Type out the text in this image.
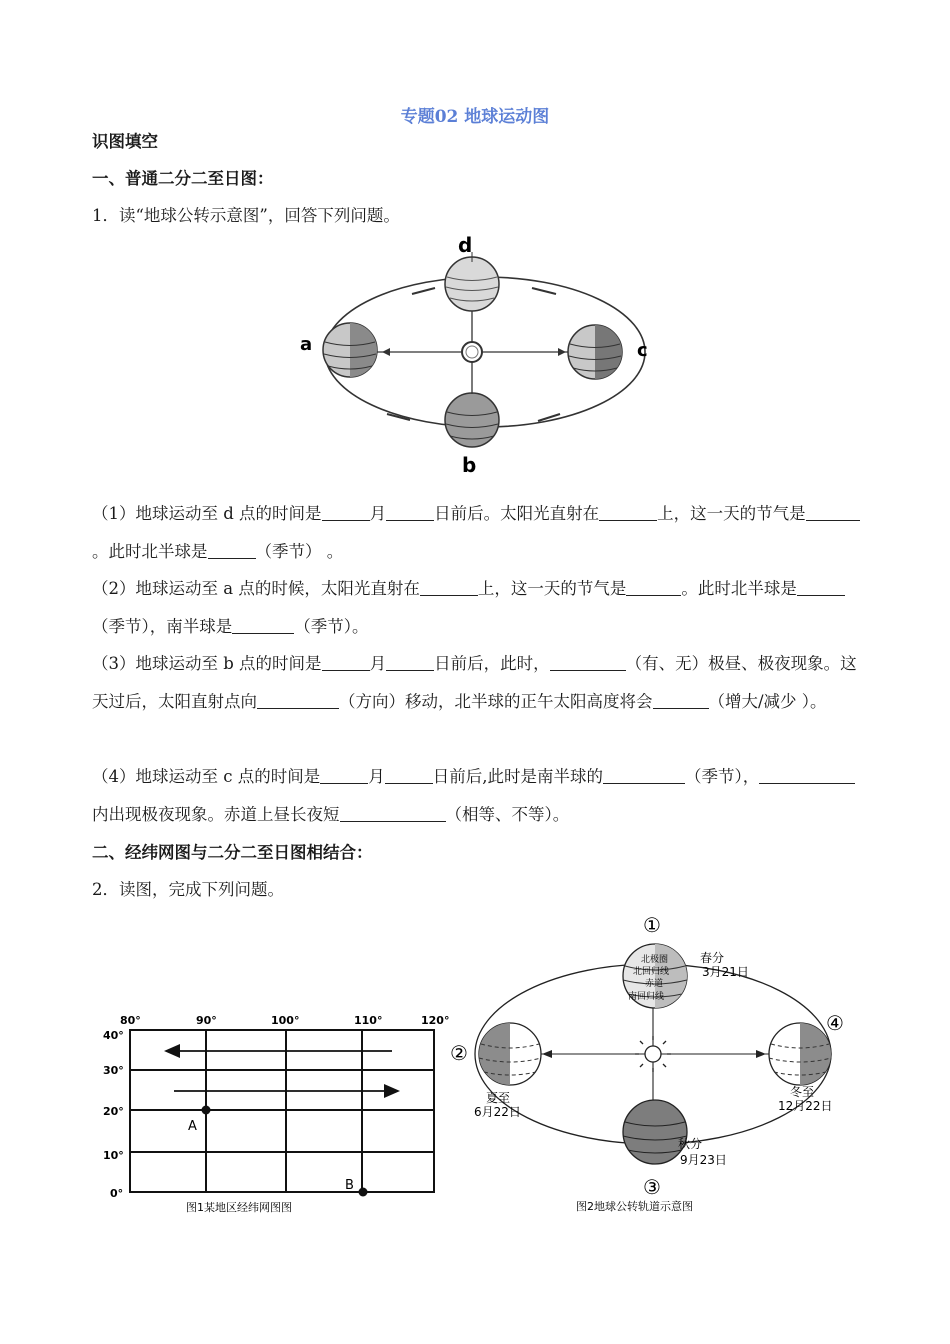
专题02 地球运动图
识图填空
一、普通二分二至日图：
1．读“地球公转示意图”，回答下列问题。
d
a	c
b
（1）地球运动至 d 点的时间是	月	日前后。太阳光直射在	上，这一天的节气是。此时北半球是	（季节） 。
（2）地球运动至 a 点的时候，太阳光直射在	上，这一天的节气是	。此时北半球是（季节），南半球是	（季节）。
（3）地球运动至 b 点的时间是	月	日前后，此时，	（有、无）极昼、极夜现象。这天过后，太阳直射点向	（方向）移动，北半球的正午太阳高度将会	（增大/减少 ）。
（4）地球运动至 c 点的时间是	月	日前后,此时是南半球的	（季节），内出现极夜现象。赤道上昼长夜短	（相等、不等）。
二、经纬网图与二分二至日图相结合：
2．读图，完成下列问题。
80°	90°	100°	110°	120°
40°
30°
20°
10°
0°
A
B
图1某地区经纬网图图
北极圈
北回归线
赤道
南回归线
①
②
③
④
春分
3月21日
夏至
6月22日
秋分
9月23日
冬至
12月22日
图2地球公转轨道示意图
